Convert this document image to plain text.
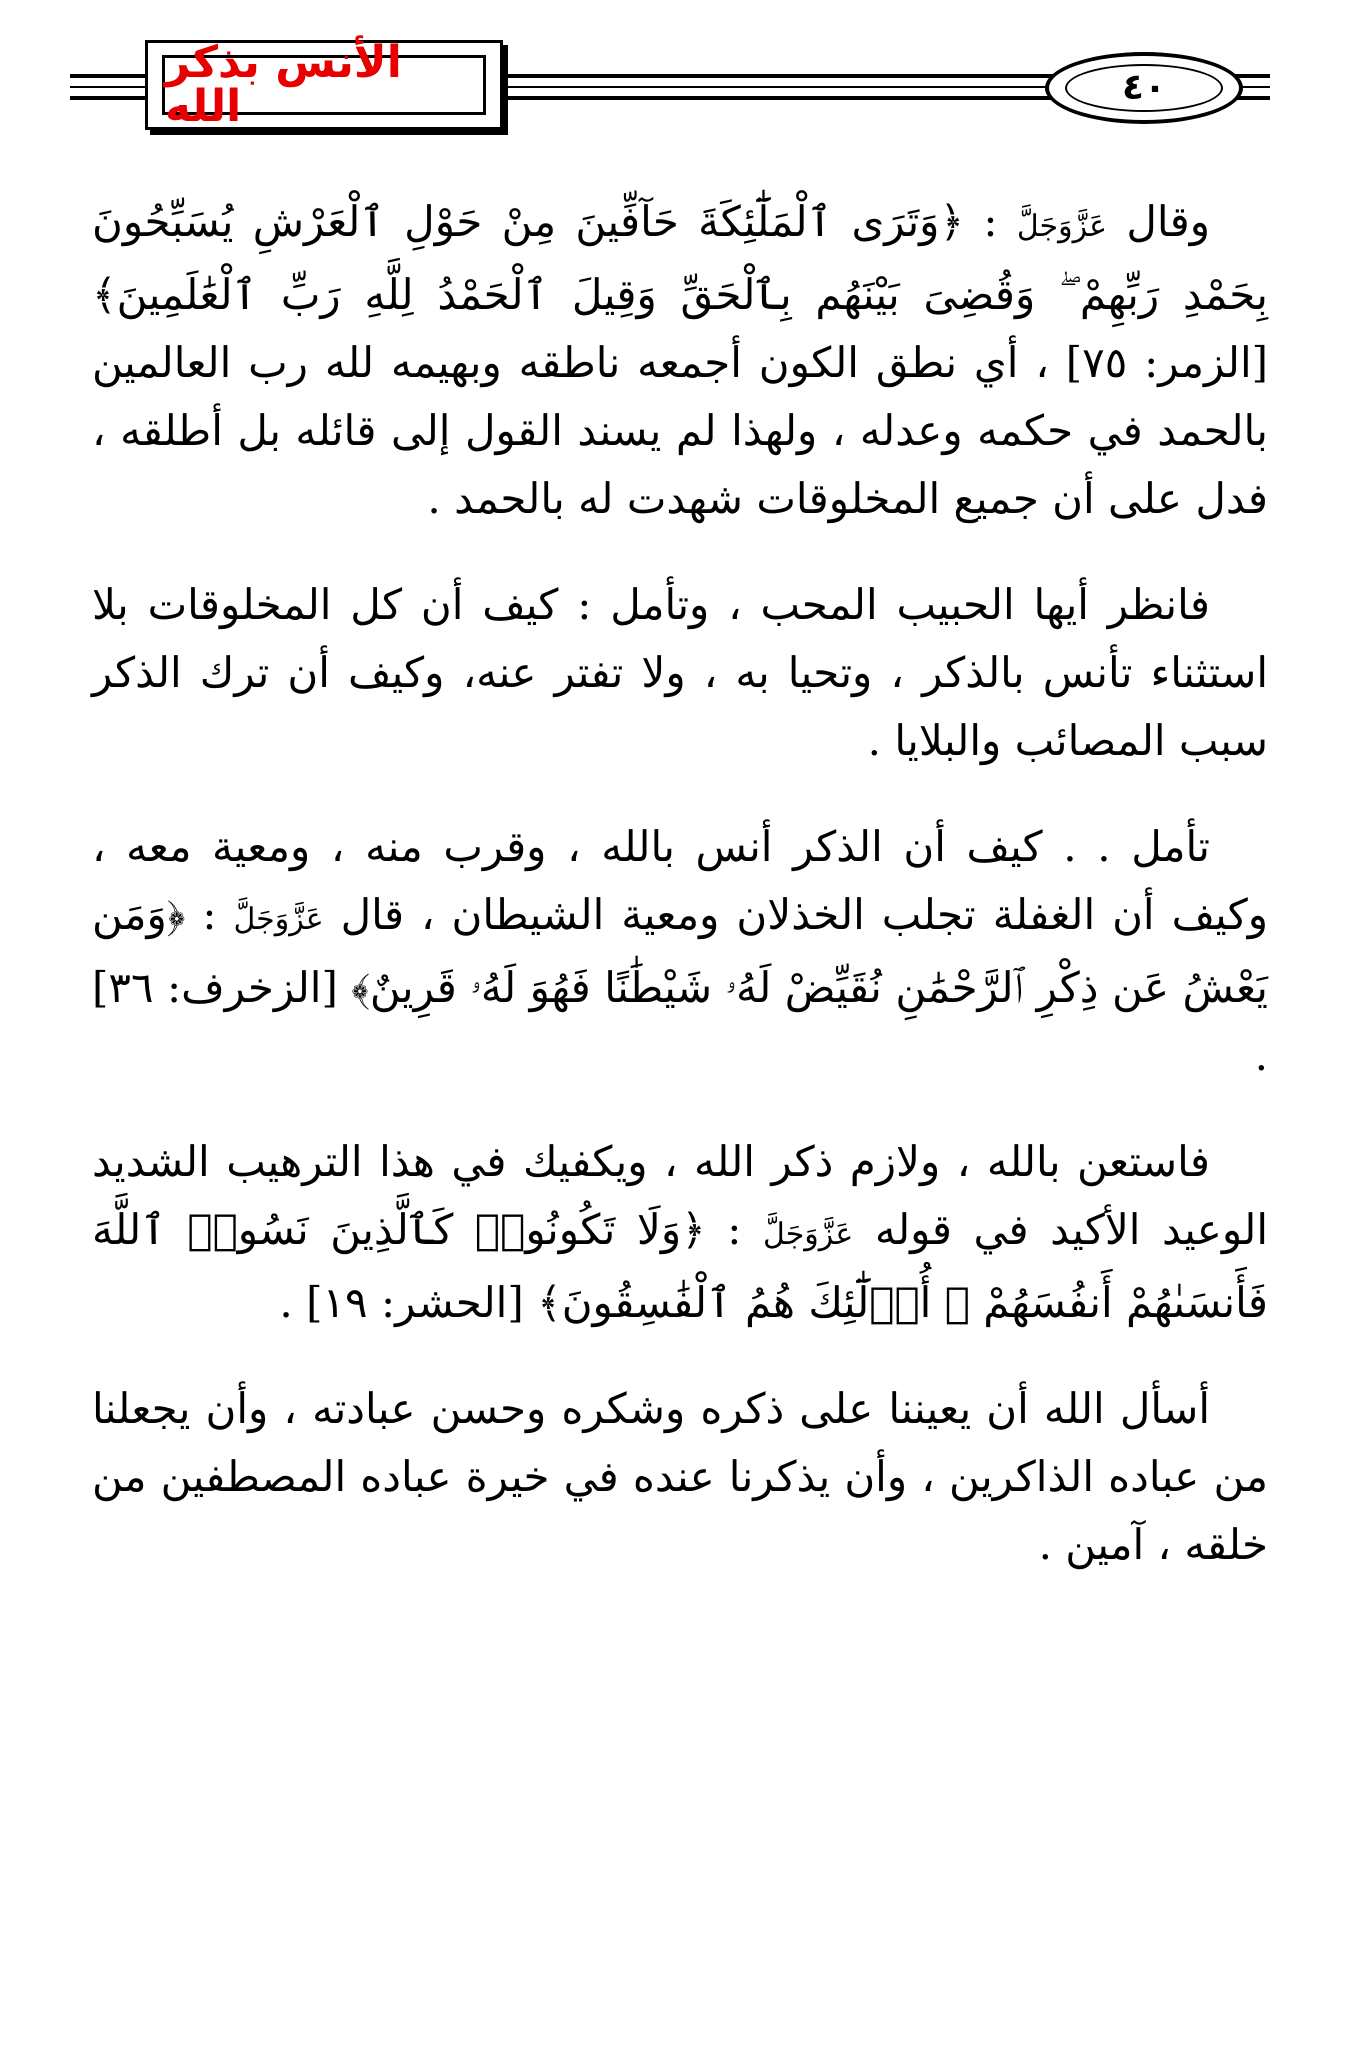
الأنس بذكر الله	٤٠

وقال عَزَّوَجَلَّ : ﴿وَتَرَى ٱلْمَلَٰٓئِكَةَ حَآفِّينَ مِنْ حَوْلِ ٱلْعَرْشِ يُسَبِّحُونَ بِحَمْدِ رَبِّهِمْ ۖ وَقُضِىَ بَيْنَهُم بِٱلْحَقِّ وَقِيلَ ٱلْحَمْدُ لِلَّهِ رَبِّ ٱلْعَٰلَمِينَ﴾ [الزمر: ٧٥] ، أي نطق الكون أجمعه ناطقه وبهيمه لله رب العالمين بالحمد في حكمه وعدله ، ولهذا لم يسند القول إلى قائله بل أطلقه ، فدل على أن جميع المخلوقات شهدت له بالحمد .

فانظر أيها الحبيب المحب ، وتأمل : كيف أن كل المخلوقات بلا استثناء تأنس بالذكر ، وتحيا به ، ولا تفتر عنه، وكيف أن ترك الذكر سبب المصائب والبلايا .

تأمل . . كيف أن الذكر أنس بالله ، وقرب منه ، ومعية معه ، وكيف أن الغفلة تجلب الخذلان ومعية الشيطان ، قال عَزَّوَجَلَّ : ﴿وَمَن يَعْشُ عَن ذِكْرِ ٱلرَّحْمَٰنِ نُقَيِّضْ لَهُۥ شَيْطَٰنًا فَهُوَ لَهُۥ قَرِينٌ﴾ [الزخرف: ٣٦] .

فاستعن بالله ، ولازم ذكر الله ، ويكفيك في هذا الترهيب الشديد الوعيد الأكيد في قوله عَزَّوَجَلَّ : ﴿وَلَا تَكُونُوا۟ كَٱلَّذِينَ نَسُوا۟ ٱللَّهَ فَأَنسَىٰهُمْ أَنفُسَهُمْ ۚ أُو۟لَٰٓئِكَ هُمُ ٱلْفَٰسِقُونَ﴾ [الحشر: ١٩] .

أسأل الله أن يعيننا على ذكره وشكره وحسن عبادته ، وأن يجعلنا من عباده الذاكرين ، وأن يذكرنا عنده في خيرة عباده المصطفين من خلقه ، آمين .
